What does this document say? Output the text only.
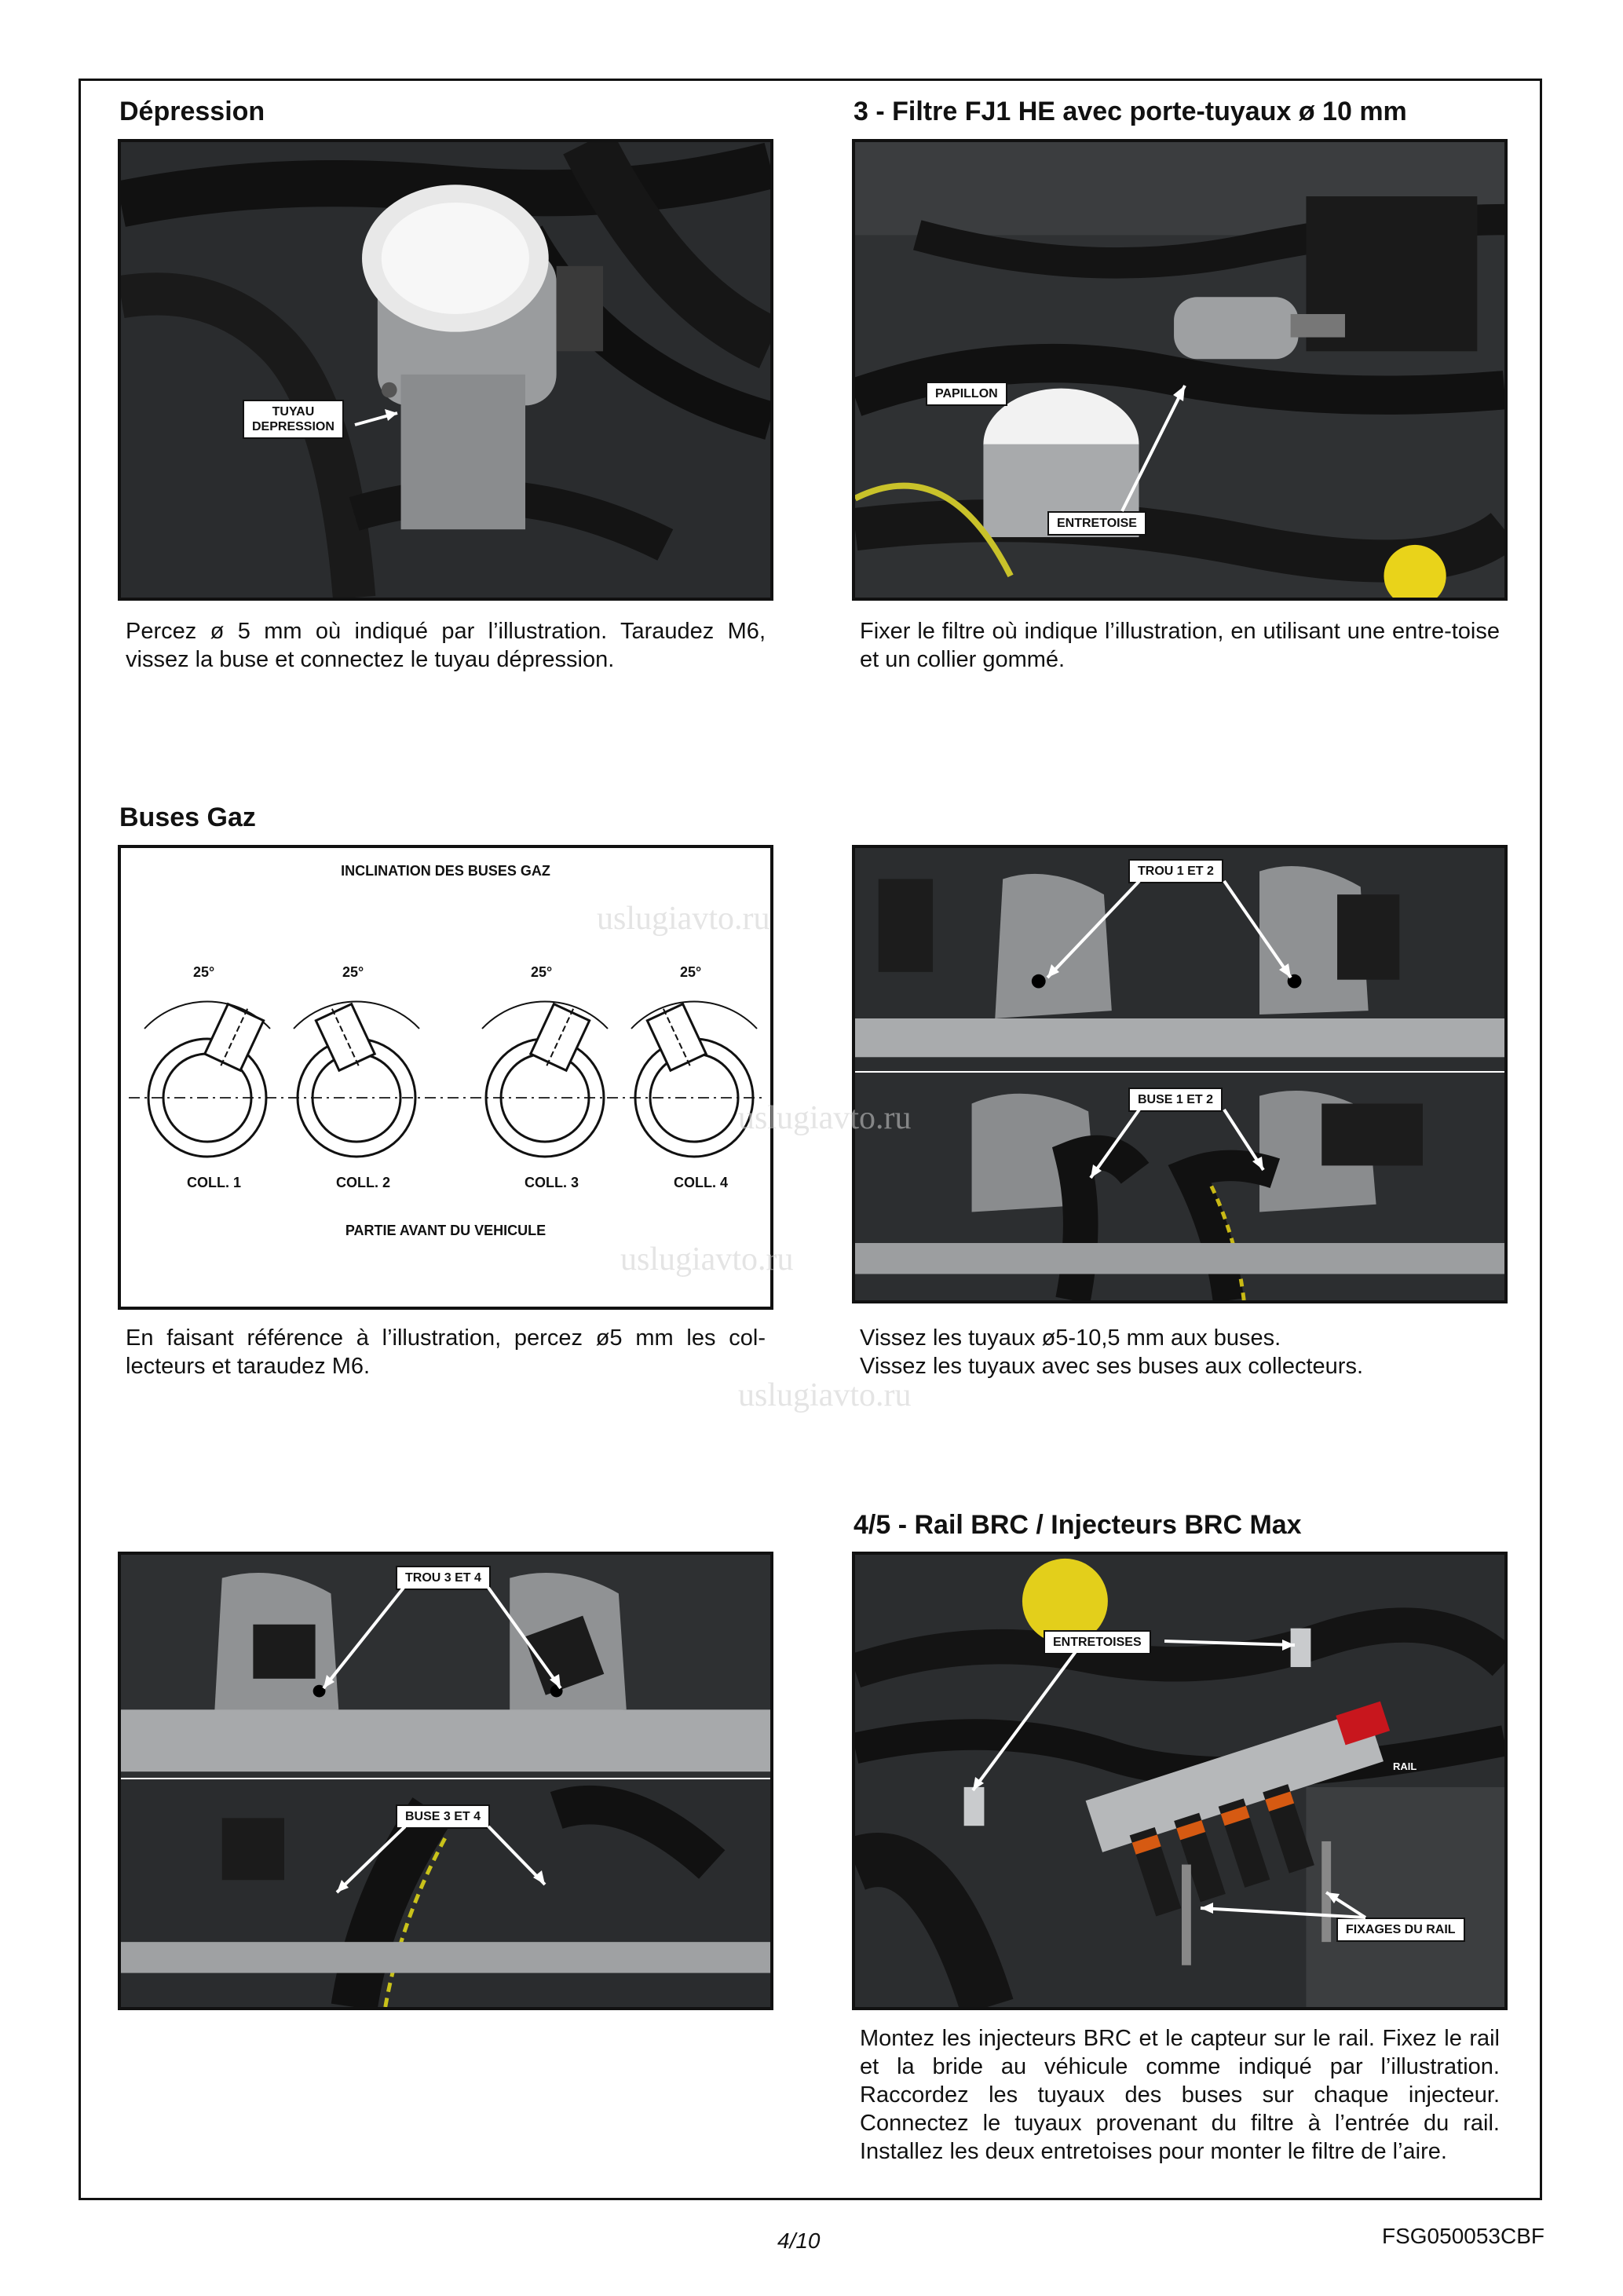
Dépression
TUYAU
DEPRESSION
Percez ø 5 mm où indiqué par l’illustration. Taraudez M6, vissez la buse et connectez le tuyau dépression.
3 - Filtre FJ1 HE avec porte-tuyaux ø 10 mm
PAPILLON
ENTRETOISE
Fixer le filtre où indique l’illustration, en utilisant une entre-toise et un collier gommé.
Buses Gaz
INCLINATION DES BUSES GAZ
25°	25°	25°	25°
COLL. 1	COLL. 2	COLL. 3	COLL. 4
PARTIE AVANT DU VEHICULE
En faisant référence à l’illustration, percez ø5 mm les col-lecteurs et taraudez M6.
TROU 1 ET 2
BUSE 1 ET 2

Vissez les tuyaux ø5-10,5 mm aux buses.

Vissez les tuyaux avec ses buses aux collecteurs.

TROU 3 ET 4
BUSE 3 ET 4
4/5 - Rail BRC / Injecteurs BRC Max
ENTRETOISES
FIXAGES DU RAIL
RAIL
Montez les injecteurs BRC et le capteur sur le rail. Fixez le rail et la bride au véhicule comme indiqué par l’illustration. Raccordez les tuyaux des buses sur chaque injecteur. Connectez le tuyaux provenant du filtre à l’entrée du rail. Installez les deux entretoises pour monter le filtre de l’aire.
uslugiavto.ru
uslugiavto.ru
uslugiavto.ru
uslugiavto.ru
4/10	FSG050053CBF
